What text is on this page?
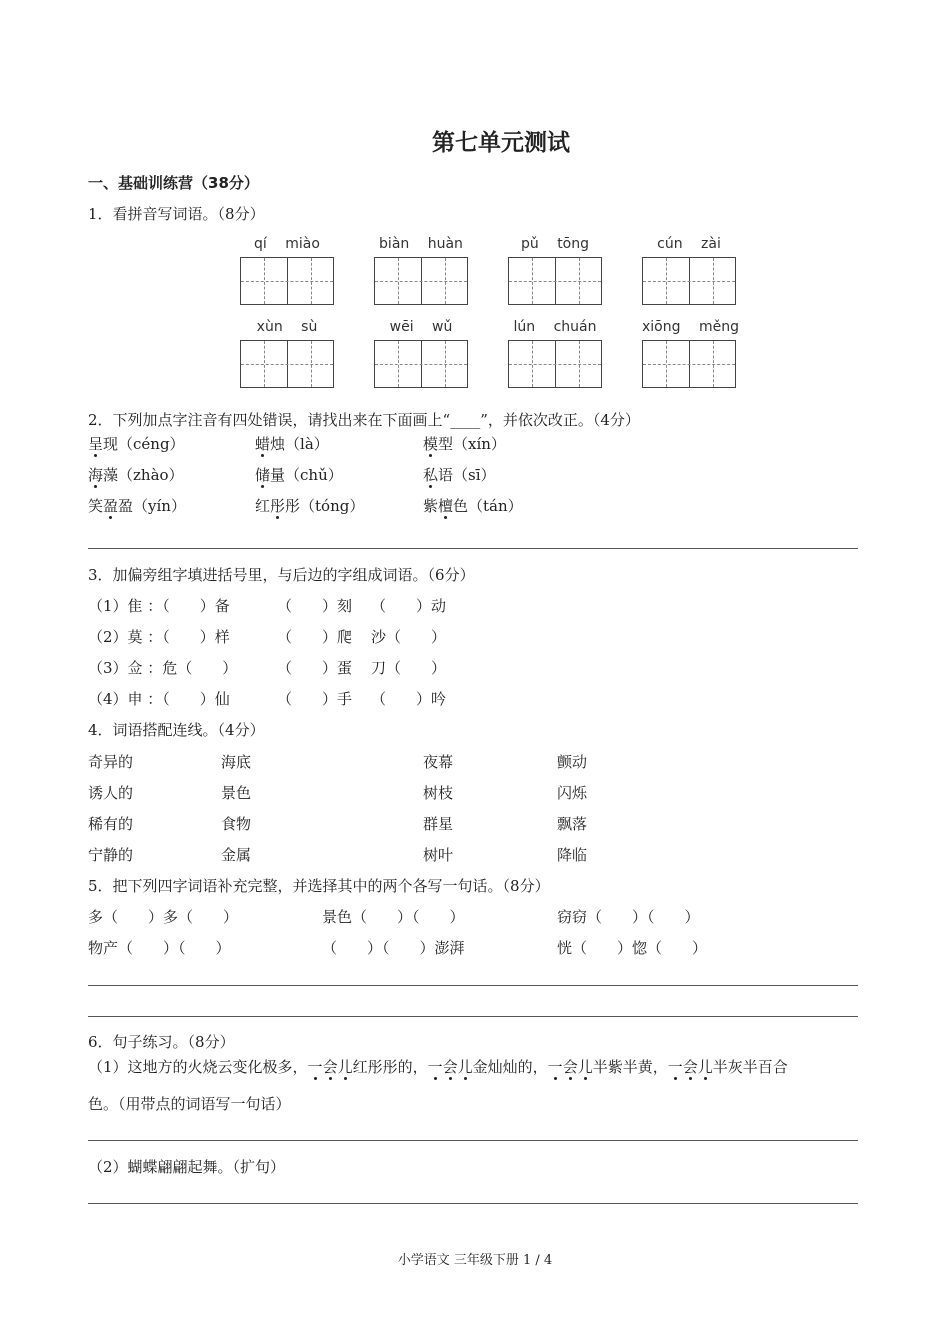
第七单元测试
一、基础训练营（38分）
1．看拼音写词语。（8分）
qí miào	biàn huàn	pǔ tōng	cún zài
xùn sù	wēi wǔ	lún chuán	xiōng měng
2．下列加点字注音有四处错误，请找出来在下面画上“____”，并依次改正。（4分）
呈现（céng）	蜡烛（là）	模型（xín）
海藻（zhào）	储量（chǔ）	私语（sī）
笑盈盈（yín）	红彤彤（tóng）	紫檀色（tán）
3．加偏旁组字填进括号里，与后边的字组成词语。（6分）
（1）隹 ：（　　）备	（　　）刻 （　　）动
（2）莫 ：（　　）样	（　　）爬 沙（　　）
（3）佥 ：危（　　）	（　　）蛋 刀（　　）
（4）申 ：（　　）仙	（　　）手 （　　）吟
4．词语搭配连线。（4分）
奇异的	海底	夜幕	颤动
诱人的	景色	树枝	闪烁
稀有的	食物	群星	飘落
宁静的	金属	树叶	降临
5．把下列四字词语补充完整，并选择其中的两个各写一句话。（8分）
多（　　）多（　　）	景色（　　）（　　）	窃窃（　　）（　　）
物产（　　）（　　）	（　　）（　　）澎湃	恍（　　）惚（　　）
6．句子练习。（8分）
（1）这地方的火烧云变化极多，一会儿红彤彤的，一会儿金灿灿的，一会儿半紫半黄，一会儿半灰半百合
色。（用带点的词语写一句话）
（2）蝴蝶翩翩起舞。（扩句）
小学语文 三年级下册 1 / 4
